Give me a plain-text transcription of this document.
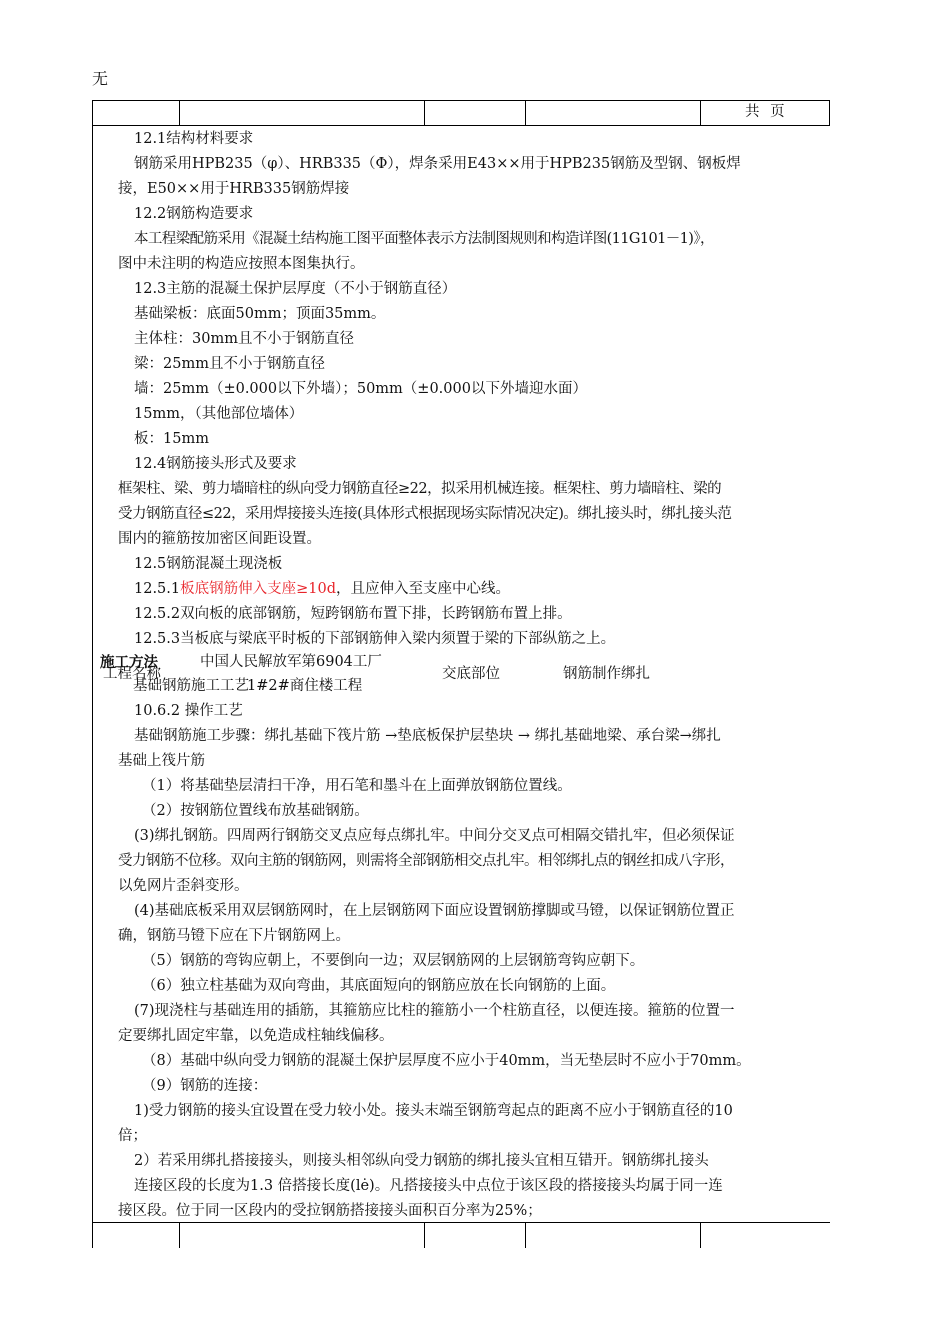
无
共 页

12.1结构材料要求

钢筋采用HPB235（φ）、HRB335（Φ），焊条采用E43××用于HPB235钢筋及型钢、钢板焊

接，E50××用于HRB335钢筋焊接

12.2钢筋构造要求

本工程梁配筋采用《混凝土结构施工图平面整体表示方法制图规则和构造详图(11G101－1)》，

图中未注明的构造应按照本图集执行。

12.3主筋的混凝土保护层厚度（不小于钢筋直径）

基础梁板：底面50mm；顶面35mm。

主体柱：30mm且不小于钢筋直径

梁：25mm且不小于钢筋直径

墙：25mm（±0.000以下外墙）；50mm（±0.000以下外墙迎水面）

15mm，（其他部位墙体）

板：15mm

12.4钢筋接头形式及要求

框架柱、梁、剪力墙暗柱的纵向受力钢筋直径≥22，拟采用机械连接。框架柱、剪力墙暗柱、梁的

受力钢筋直径≤22，采用焊接接头连接(具体形式根据现场实际情况决定)。绑扎接头时，绑扎接头范

围内的箍筋按加密区间距设置。

12.5钢筋混凝土现浇板

12.5.1板底钢筋伸入支座≥10d，且应伸入至支座中心线。

12.5.2双向板的底部钢筋，短跨钢筋布置下排，长跨钢筋布置上排。

12.5.3当板底与梁底平时板的下部钢筋伸入梁内须置于梁的下部纵筋之上。

施工方法
工程名称
中国人民解放军第6904工厂
基础钢筋施工工艺
1#2#商住楼工程
交底部位	钢筋制作绑扎

10.6.2 操作工艺

基础钢筋施工步骤：绑扎基础下筏片筋 →垫底板保护层垫块 → 绑扎基础地梁、承台梁→绑扎

基础上筏片筋

（1）将基础垫层清扫干净，用石笔和墨斗在上面弹放钢筋位置线。

（2）按钢筋位置线布放基础钢筋。

(3)绑扎钢筋。四周两行钢筋交叉点应每点绑扎牢。中间分交叉点可相隔交错扎牢，但必须保证

受力钢筋不位移。双向主筋的钢筋网，则需将全部钢筋相交点扎牢。相邻绑扎点的钢丝扣成八字形，

以免网片歪斜变形。

(4)基础底板采用双层钢筋网时，在上层钢筋网下面应设置钢筋撑脚或马镫，以保证钢筋位置正

确，钢筋马镫下应在下片钢筋网上。

（5）钢筋的弯钩应朝上，不要倒向一边；双层钢筋网的上层钢筋弯钩应朝下。

（6）独立柱基础为双向弯曲，其底面短向的钢筋应放在长向钢筋的上面。

(7)现浇柱与基础连用的插筋，其箍筋应比柱的箍筋小一个柱筋直径，以便连接。箍筋的位置一

定要绑扎固定牢靠，以免造成柱轴线偏移。

（8）基础中纵向受力钢筋的混凝土保护层厚度不应小于40mm，当无垫层时不应小于70mm。

（9）钢筋的连接：

1)受力钢筋的接头宜设置在受力较小处。接头末端至钢筋弯起点的距离不应小于钢筋直径的10

倍；

2）若采用绑扎搭接接头，则接头相邻纵向受力钢筋的绑扎接头宜相互错开。钢筋绑扎接头

连接区段的长度为1.3 倍搭接长度(lė)。凡搭接接头中点位于该区段的搭接接头均属于同一连

接区段。位于同一区段内的受拉钢筋搭接接头面积百分率为25%；
